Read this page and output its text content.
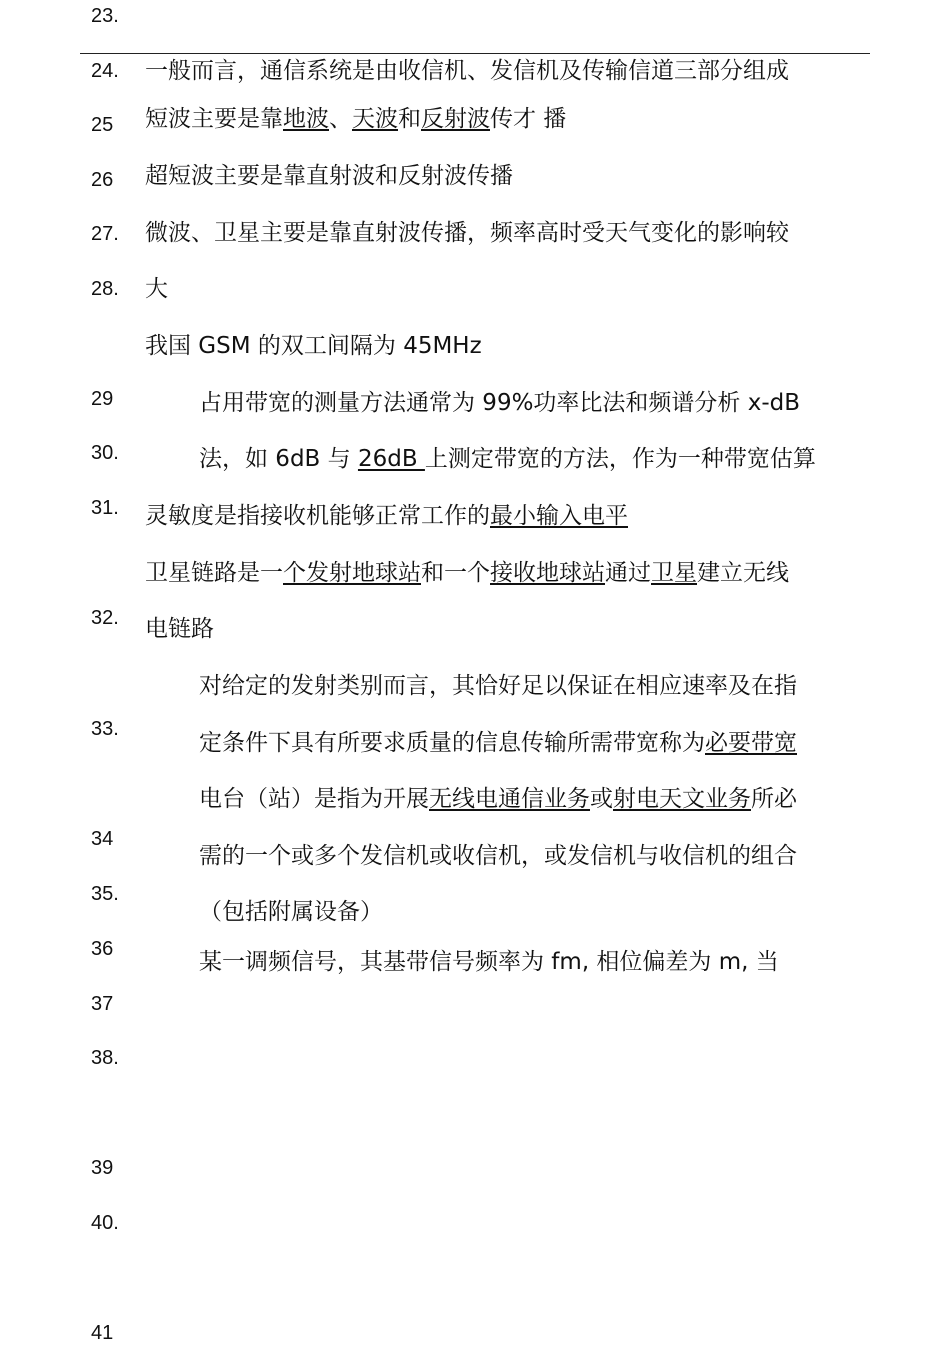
23.
24.
25
26
27.
28.
29
30.
31.
32.
33.
34
35.
36
37
38.
39
40.
41
一般而言，通信系统是由收信机、发信机及传输信道三部分组成
短波主要是靠地波、天波和反射波传才 播
超短波主要是靠直射波和反射波传播
微波、卫星主要是靠直射波传播，频率高时受天气变化的影响较
大
我国 GSM 的双工间隔为 45MHz
占用带宽的测量方法通常为 99%功率比法和频谱分析 x-dB
法，如 6dB 与 26dB 上测定带宽的方法，作为一种带宽估算
灵敏度是指接收机能够正常工作的最小输入电平
卫星链路是一个发射地球站和一个接收地球站通过卫星建立无线
电链路
对给定的发射类别而言，其恰好足以保证在相应速率及在指
定条件下具有所要求质量的信息传输所需带宽称为必要带宽
电台（站）是指为开展无线电通信业务或射电天文业务所必
需的一个或多个发信机或收信机，或发信机与收信机的组合
（包括附属设备）
某一调频信号，其基带信号频率为 fm, 相位偏差为 m, 当
